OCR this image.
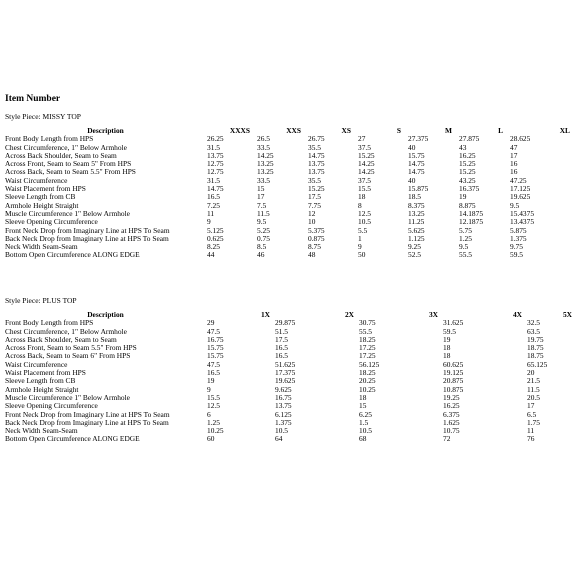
Item Number
Style Piece: MISSY TOP
Description	XXXS	XXS	XS	S	M	L	XL
Front Body Length from HPS	26.25	26.5	26.75	27	27.375	27.875	28.625
Chest Circumference, 1" Below Armhole	31.5	33.5	35.5	37.5	40	43	47
Across Back Shoulder, Seam to Seam	13.75	14.25	14.75	15.25	15.75	16.25	17
Across Front, Seam to Seam 5" From HPS	12.75	13.25	13.75	14.25	14.75	15.25	16
Across Back, Seam to Seam 5.5" From HPS	12.75	13.25	13.75	14.25	14.75	15.25	16
Waist Circumference	31.5	33.5	35.5	37.5	40	43.25	47.25
Waist Placement from HPS	14.75	15	15.25	15.5	15.875	16.375	17.125
Sleeve Length from CB	16.5	17	17.5	18	18.5	19	19.625
Armhole Height Straight	7.25	7.5	7.75	8	8.375	8.875	9.5
Muscle Circumference 1" Below Armhole	11	11.5	12	12.5	13.25	14.1875	15.4375
Sleeve Opening Circumference	9	9.5	10	10.5	11.25	12.1875	13.4375
Front Neck Drop from Imaginary Line at HPS To Seam	5.125	5.25	5.375	5.5	5.625	5.75	5.875
Back Neck Drop from Imaginary Line at HPS To Seam	0.625	0.75	0.875	1	1.125	1.25	1.375
Neck Width Seam-Seam	8.25	8.5	8.75	9	9.25	9.5	9.75
Bottom Open Circumference ALONG EDGE	44	46	48	50	52.5	55.5	59.5
Style Piece: PLUS TOP
Description	1X	2X	3X	4X	5X
Front Body Length from HPS	29	29.875	30.75	31.625	32.5
Chest Circumference, 1" Below Armhole	47.5	51.5	55.5	59.5	63.5
Across Back Shoulder, Seam to Seam	16.75	17.5	18.25	19	19.75
Across Front, Seam to Seam 5.5" From HPS	15.75	16.5	17.25	18	18.75
Across Back, Seam to Seam 6" From HPS	15.75	16.5	17.25	18	18.75
Waist Circumference	47.5	51.625	56.125	60.625	65.125
Waist Placement from HPS	16.5	17.375	18.25	19.125	20
Sleeve Length from CB	19	19.625	20.25	20.875	21.5
Armhole Height Straight	9	9.625	10.25	10.875	11.5
Muscle Circumference 1" Below Armhole	15.5	16.75	18	19.25	20.5
Sleeve Opening Circumference	12.5	13.75	15	16.25	17
Front Neck Drop from Imaginary Line at HPS To Seam	6	6.125	6.25	6.375	6.5
Back Neck Drop from Imaginary Line at HPS To Seam	1.25	1.375	1.5	1.625	1.75
Neck Width Seam-Seam	10.25	10.5	10.5	10.75	11
Bottom Open Circumference ALONG EDGE	60	64	68	72	76
